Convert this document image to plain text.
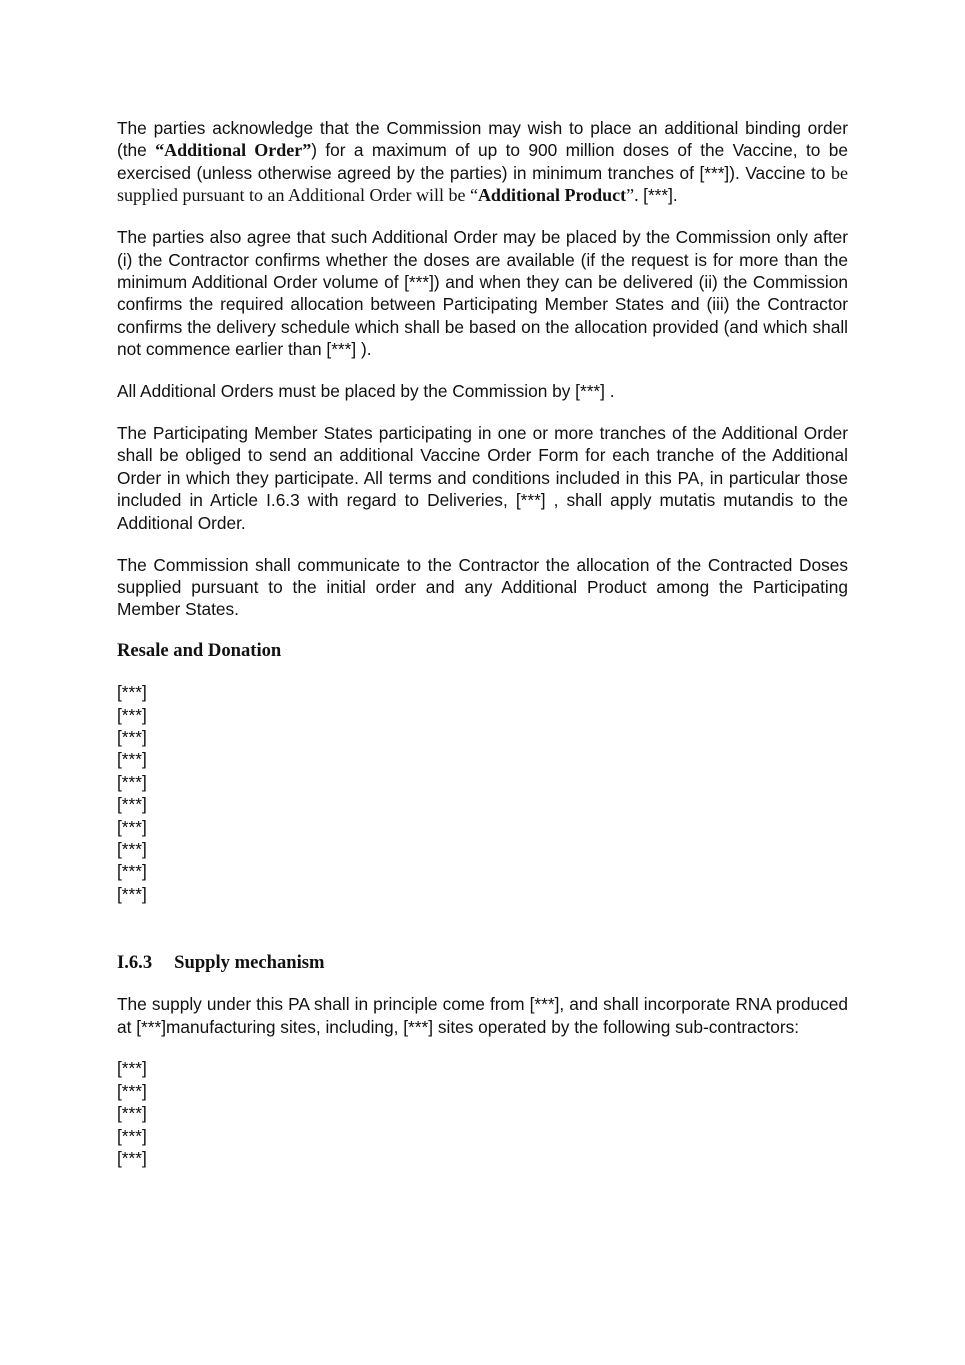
The parties acknowledge that the Commission may wish to place an additional binding order (the “Additional Order”) for a maximum of up to 900 million doses of the Vaccine, to be exercised (unless otherwise agreed by the parties) in minimum tranches of [***]). Vaccine to be supplied pursuant to an Additional Order will be “Additional Product”. [***].

The parties also agree that such Additional Order may be placed by the Commission only after (i) the Contractor confirms whether the doses are available (if the request is for more than the minimum Additional Order volume of [***]) and when they can be delivered (ii) the Commission confirms the required allocation between Participating Member States and (iii) the Contractor confirms the delivery schedule which shall be based on the allocation provided (and which shall not commence earlier than [***] ).

All Additional Orders must be placed by the Commission by [***] .

The Participating Member States participating in one or more tranches of the Additional Order shall be obliged to send an additional Vaccine Order Form for each tranche of the Additional Order in which they participate. All terms and conditions included in this PA, in particular those included in Article I.6.3 with regard to Deliveries, [***] , shall apply mutatis mutandis to the Additional Order.

The Commission shall communicate to the Contractor the allocation of the Contracted Doses supplied pursuant to the initial order and any Additional Product among the Participating Member States.

Resale and Donation
[***]
[***]
[***]
[***]
[***]
[***]
[***]
[***]
[***]
[***]
I.6.3 Supply mechanism

The supply under this PA shall in principle come from [***], and shall incorporate RNA produced at [***]manufacturing sites, including, [***] sites operated by the following sub-contractors:

[***]
[***]
[***]
[***]
[***]
